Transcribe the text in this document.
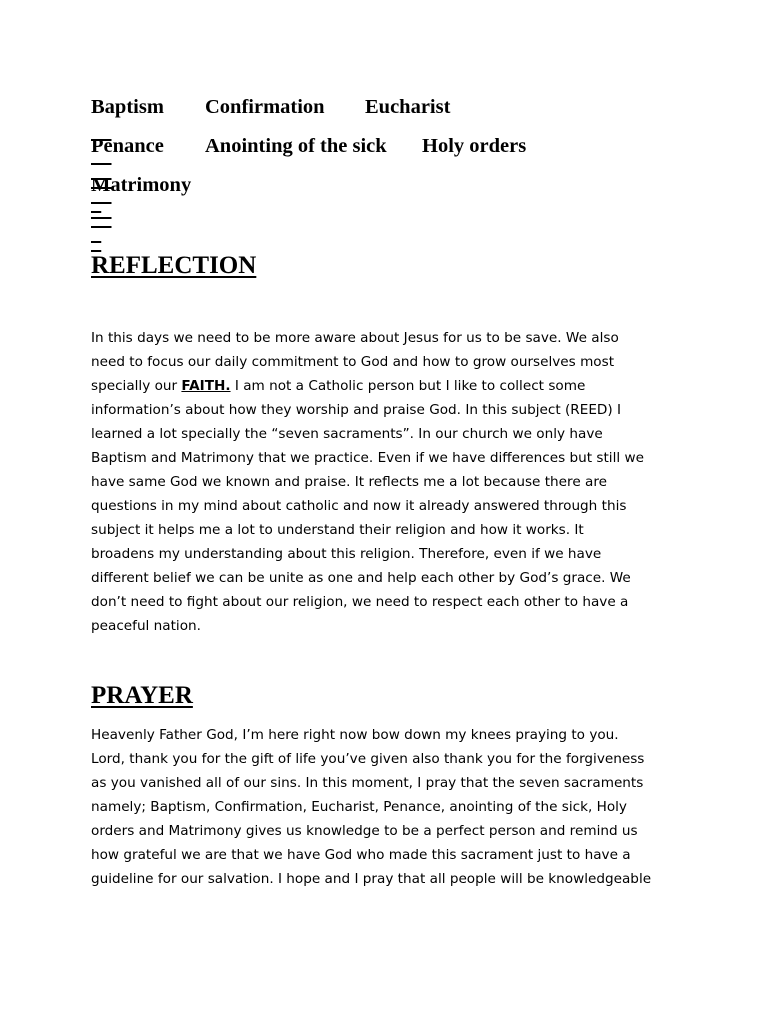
Baptism

Confirmation

Eucharist

Penance

Anointing of the sick

Holy orders

Matrimony

REFLECTION
In this days we need to be more aware about Jesus for us to be save. We also
need to focus our daily commitment to God and how to grow ourselves most
specially our FAITH. I am not a Catholic person but I like to collect some
information’s about how they worship and praise God. In this subject (REED) I
learned a lot specially the “seven sacraments”. In our church we only have
Baptism and Matrimony that we practice. Even if we have differences but still we
have same God we known and praise. It reflects me a lot because there are
questions in my mind about catholic and now it already answered through this
subject it helps me a lot to understand their religion and how it works. It
broadens my understanding about this religion. Therefore, even if we have
different belief we can be unite as one and help each other by God’s grace. We
don’t need to fight about our religion, we need to respect each other to have a
peaceful nation.
PRAYER
Heavenly Father God, I’m here right now bow down my knees praying to you.
Lord, thank you for the gift of life you’ve given also thank you for the forgiveness
as you vanished all of our sins. In this moment, I pray that the seven sacraments
namely; Baptism, Confirmation, Eucharist, Penance, anointing of the sick, Holy
orders and Matrimony gives us knowledge to be a perfect person and remind us
how grateful we are that we have God who made this sacrament just to have a
guideline for our salvation. I hope and I pray that all people will be knowledgeable
